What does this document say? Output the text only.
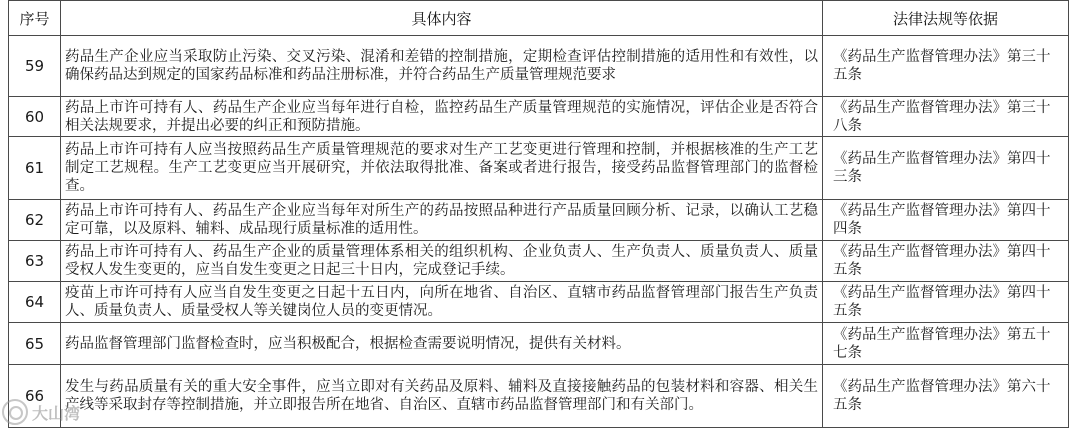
序号	具体内容	法律法规等依据
59	药品生产企业应当采取防止污染、交叉污染、混淆和差错的控制措施，定期检查评估控制措施的适用性和有效性，以确保药品达到规定的国家药品标准和药品注册标准，并符合药品生产质量管理规范要求	《药品生产监督管理办法》第三十五条
60	药品上市许可持有人、药品生产企业应当每年进行自检，监控药品生产质量管理规范的实施情况，评估企业是否符合相关法规要求，并提出必要的纠正和预防措施。	《药品生产监督管理办法》第三十八条
61	药品上市许可持有人应当按照药品生产质量管理规范的要求对生产工艺变更进行管理和控制，并根据核准的生产工艺制定工艺规程。生产工艺变更应当开展研究，并依法取得批准、备案或者进行报告，接受药品监督管理部门的监督检查。	《药品生产监督管理办法》第四十三条
62	药品上市许可持有人、药品生产企业应当每年对所生产的药品按照品种进行产品质量回顾分析、记录，以确认工艺稳定可靠，以及原料、辅料、成品现行质量标准的适用性。	《药品生产监督管理办法》第四十四条
63	药品上市许可持有人、药品生产企业的质量管理体系相关的组织机构、企业负责人、生产负责人、质量负责人、质量受权人发生变更的，应当自发生变更之日起三十日内，完成登记手续。	《药品生产监督管理办法》第四十五条
64	疫苗上市许可持有人应当自发生变更之日起十五日内，向所在地省、自治区、直辖市药品监督管理部门报告生产负责人、质量负责人、质量受权人等关键岗位人员的变更情况。	《药品生产监督管理办法》第四十五条
65	药品监督管理部门监督检查时，应当积极配合，根据检查需要说明情况，提供有关材料。	《药品生产监督管理办法》第五十七条
66	发生与药品质量有关的重大安全事件，应当立即对有关药品及原料、辅料及直接接触药品的包装材料和容器、相关生产线等采取封存等控制措施，并立即报告所在地省、自治区、直辖市药品监督管理部门和有关部门。	《药品生产监督管理办法》第六十五条
大山湾
